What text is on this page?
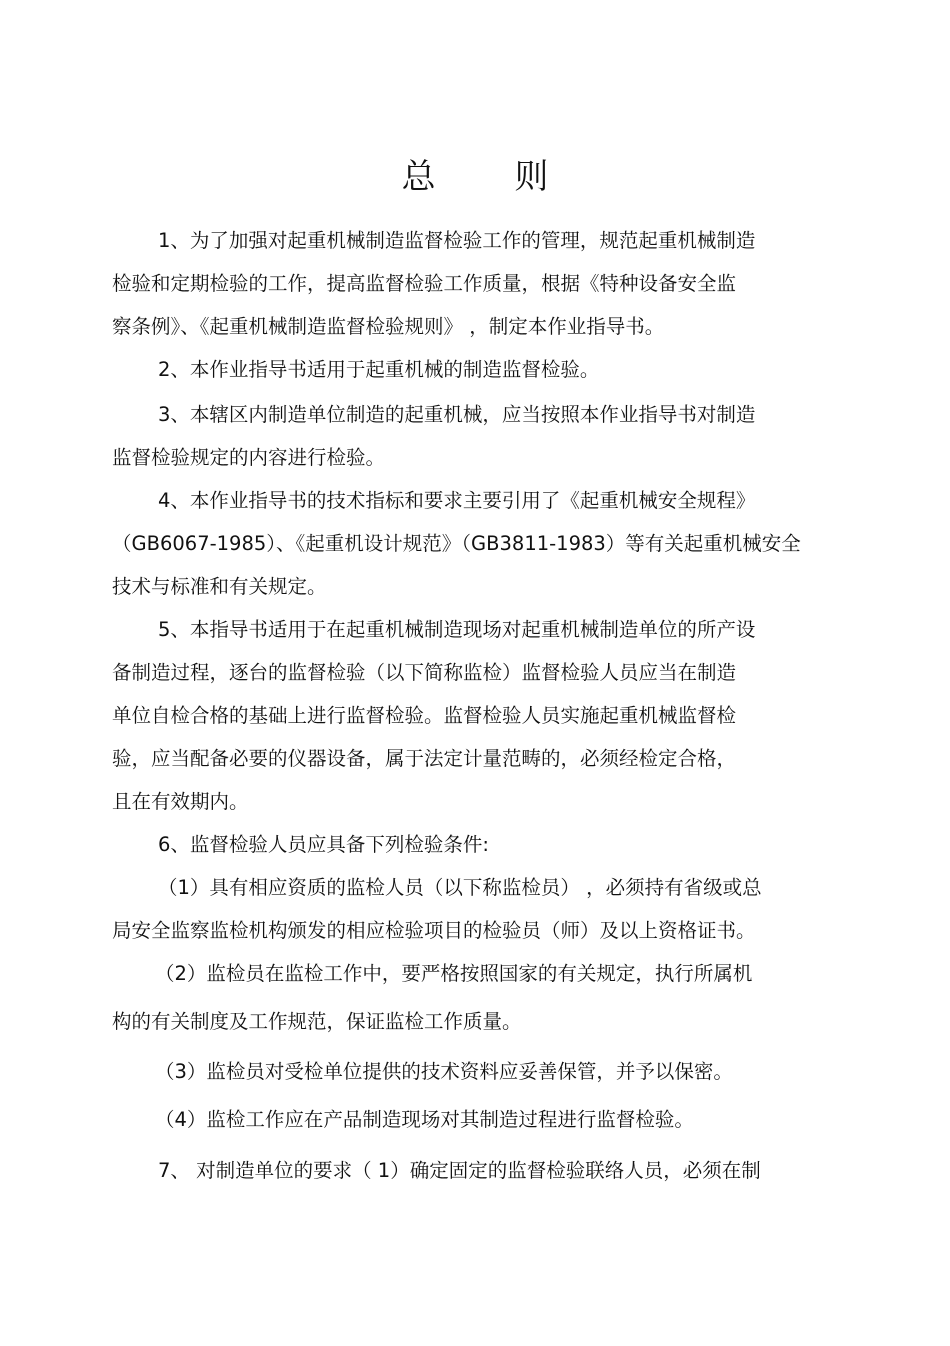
总 则
1、为了加强对起重机械制造监督检验工作的管理，规范起重机械制造
检验和定期检验的工作，提高监督检验工作质量，根据《特种设备安全监
察条例》、《起重机械制造监督检验规则》 ，制定本作业指导书。
2、本作业指导书适用于起重机械的制造监督检验。
3、本辖区内制造单位制造的起重机械，应当按照本作业指导书对制造
监督检验规定的内容进行检验。
4、本作业指导书的技术指标和要求主要引用了《起重机械安全规程》
（GB6067-1985）、《起重机设计规范》（GB3811-1983）等有关起重机械安全
技术与标准和有关规定。
5、本指导书适用于在起重机械制造现场对起重机械制造单位的所产设
备制造过程，逐台的监督检验（以下简称监检）监督检验人员应当在制造
单位自检合格的基础上进行监督检验。监督检验人员实施起重机械监督检
验，应当配备必要的仪器设备，属于法定计量范畴的，必须经检定合格，
且在有效期内。
6、监督检验人员应具备下列检验条件:
（1）具有相应资质的监检人员（以下称监检员） ，必须持有省级或总
局安全监察监检机构颁发的相应检验项目的检验员（师）及以上资格证书。
（2）监检员在监检工作中，要严格按照国家的有关规定，执行所属机
构的有关制度及工作规范，保证监检工作质量。
（3）监检员对受检单位提供的技术资料应妥善保管，并予以保密。
（4）监检工作应在产品制造现场对其制造过程进行监督检验。
7、 对制造单位的要求（ 1）确定固定的监督检验联络人员，必须在制
